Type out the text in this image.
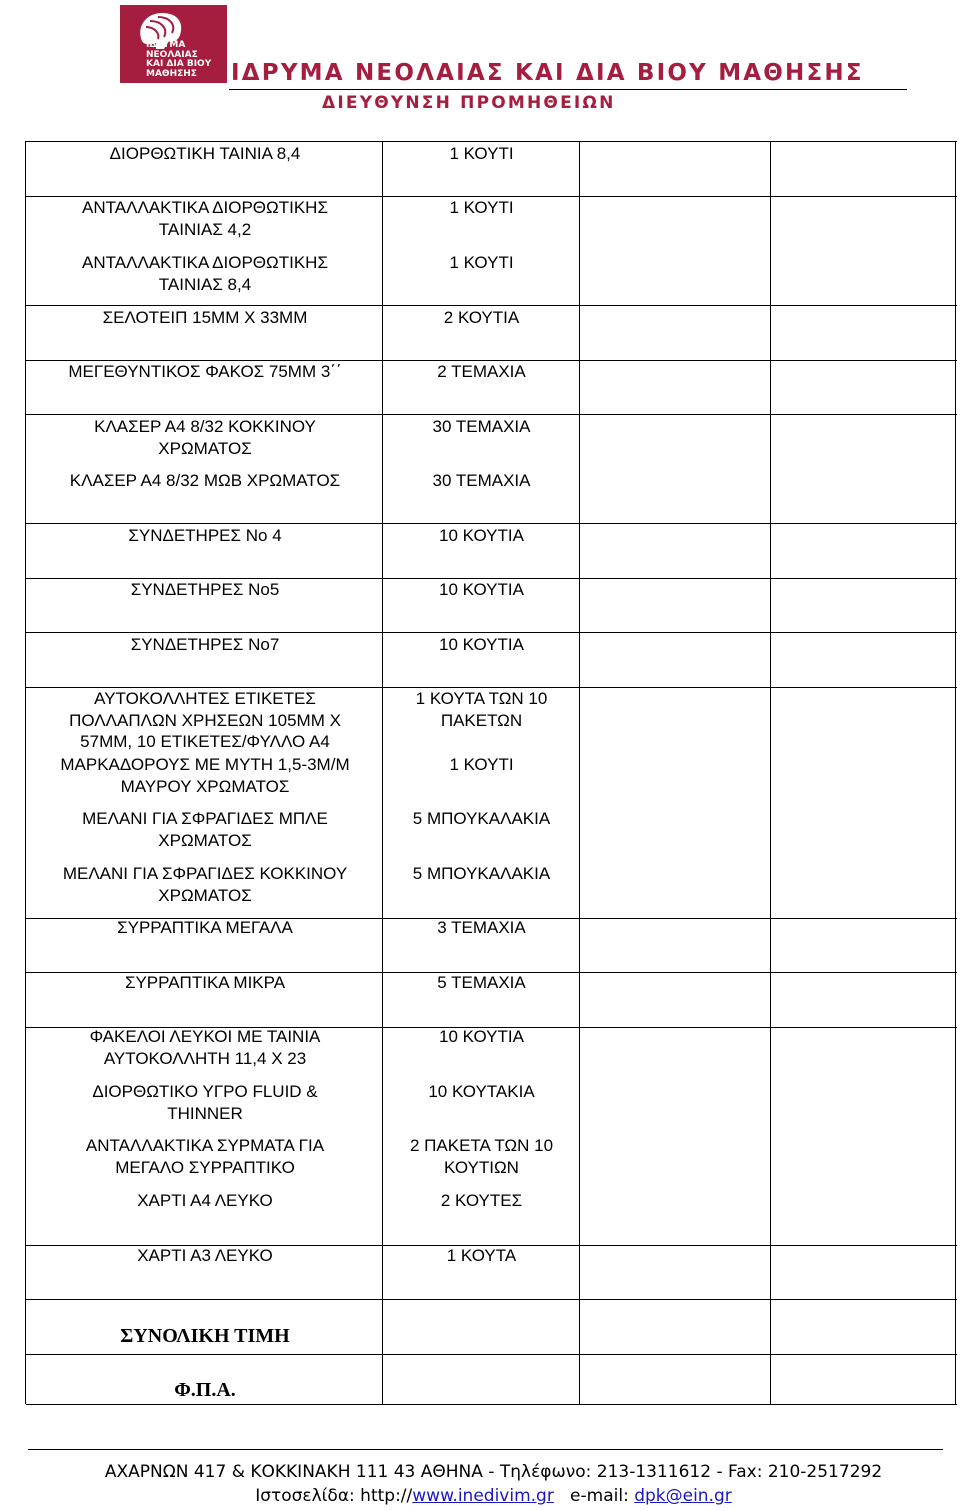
ΙΔΡΥΜΑ
ΝΕΟΛΑΙΑΣ
ΚΑΙ ΔΙΑ ΒΙΟΥ
ΜΑΘΗΣΗΣ	ΙΔΡΥΜΑ ΝΕΟΛΑΙΑΣ ΚΑΙ ΔΙΑ ΒΙΟΥ ΜΑΘΗΣΗΣ
ΔΙΕΥΘΥΝΣΗ ΠΡΟΜΗΘΕΙΩΝ
ΔΙΟΡΘΩΤΙΚΗ ΤΑΙΝΙΑ 8,4
ΑΝΤΑΛΛΑΚΤΙΚΑ ΔΙΟΡΘΩΤΙΚΗΣ ΤΑΙΝΙΑΣ 4,2
ΑΝΤΑΛΛΑΚΤΙΚΑ ΔΙΟΡΘΩΤΙΚΗΣ ΤΑΙΝΙΑΣ 8,4
ΣΕΛΟΤΕΙΠ 15ΜΜ Χ 33ΜΜ
ΜΕΓΕΘΥΝΤΙΚΟΣ ΦΑΚΟΣ 75ΜΜ 3΄΄
ΚΛΑΣΕΡ Α4 8/32 ΚΟΚΚΙΝΟΥ ΧΡΩΜΑΤΟΣ
ΚΛΑΣΕΡ Α4 8/32 ΜΩΒ ΧΡΩΜΑΤΟΣ
ΣΥΝΔΕΤΗΡΕΣ Νο 4
ΣΥΝΔΕΤΗΡΕΣ Νο5
ΣΥΝΔΕΤΗΡΕΣ Νο7
ΑΥΤΟΚΟΛΛΗΤΕΣ ΕΤΙΚΕΤΕΣ ΠΟΛΛΑΠΛΩΝ ΧΡΗΣΕΩΝ 105ΜΜ Χ 57ΜΜ, 10 ΕΤΙΚΕΤΕΣ/ΦΥΛΛΟ Α4
ΜΑΡΚΑΔΟΡΟΥΣ ΜΕ ΜΥΤΗ 1,5-3Μ/Μ ΜΑΥΡΟΥ ΧΡΩΜΑΤΟΣ
ΜΕΛΑΝΙ ΓΙΑ ΣΦΡΑΓΙΔΕΣ ΜΠΛΕ ΧΡΩΜΑΤΟΣ
ΜΕΛΑΝΙ ΓΙΑ ΣΦΡΑΓΙΔΕΣ ΚΟΚΚΙΝΟΥ ΧΡΩΜΑΤΟΣ
ΣΥΡΡΑΠΤΙΚΑ ΜΕΓΑΛΑ
ΣΥΡΡΑΠΤΙΚΑ ΜΙΚΡΑ
ΦΑΚΕΛΟΙ ΛΕΥΚΟΙ ΜΕ ΤΑΙΝΙΑ ΑΥΤΟΚΟΛΛΗΤΗ 11,4 Χ 23
ΔΙΟΡΘΩΤΙΚΟ ΥΓΡΟ FLUID & THINNER
ΑΝΤΑΛΛΑΚΤΙΚΑ ΣΥΡΜΑΤΑ ΓΙΑ ΜΕΓΑΛΟ ΣΥΡΡΑΠΤΙΚΟ
ΧΑΡΤΙ Α4 ΛΕΥΚΟ
ΧΑΡΤΙ Α3 ΛΕΥΚΟ
1 ΚΟΥΤΙ
1 ΚΟΥΤΙ
1 ΚΟΥΤΙ
2 ΚΟΥΤΙΑ
2 ΤΕΜΑΧΙΑ
30 ΤΕΜΑΧΙΑ
30 ΤΕΜΑΧΙΑ
10 ΚΟΥΤΙΑ
10 ΚΟΥΤΙΑ
10 ΚΟΥΤΙΑ
1 ΚΟΥΤΑ ΤΩΝ 10 ΠΑΚΕΤΩΝ
1 ΚΟΥΤΙ
5 ΜΠΟΥΚΑΛΑΚΙΑ
5 ΜΠΟΥΚΑΛΑΚΙΑ
3 ΤΕΜΑΧΙΑ
5 ΤΕΜΑΧΙΑ
10 ΚΟΥΤΙΑ
10 ΚΟΥΤΑΚΙΑ
2 ΠΑΚΕΤΑ ΤΩΝ 10 ΚΟΥΤΙΩΝ
2 ΚΟΥΤΕΣ
1 ΚΟΥΤΑ
ΣΥΝΟΛΙΚΗ ΤΙΜΗ
Φ.Π.Α.
ΑΧΑΡΝΩΝ 417 & ΚΟΚΚΙΝΑΚΗ 111 43 ΑΘΗΝΑ - Τηλέφωνο: 213-1311612 - Fax: 210-2517292
Ιστοσελίδα: http://www.inedivim.gr e-mail: dpk@ein.gr
